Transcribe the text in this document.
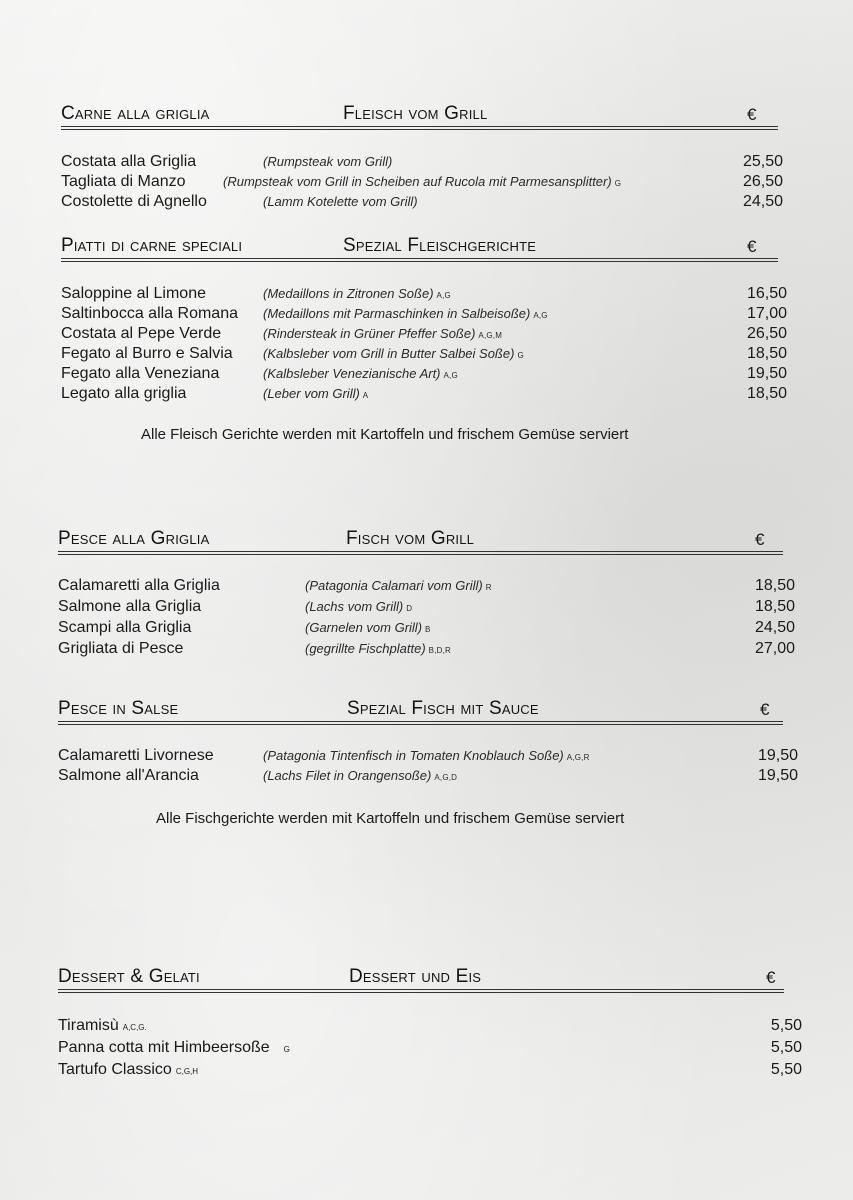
Carne alla griglia	Fleisch vom Grill	€
Costata alla Griglia	(Rumpsteak vom Grill)	25,50
Tagliata di Manzo	(Rumpsteak vom Grill in Scheiben auf Rucola mit Parmesansplitter) G	26,50
Costolette di Agnello	(Lamm Kotelette vom Grill)	24,50
Piatti di carne speciali	Spezial Fleischgerichte	€
Saloppine al Limone	(Medaillons in Zitronen Soße) A,G	16,50
Saltinbocca alla Romana (Medaillons mit Parmaschinken in Salbeisoße) A,G	17,00
Costata al Pepe Verde	(Rindersteak in Grüner Pfeffer Soße) A,G,M	26,50
Fegato al Burro e Salvia (Kalbsleber vom Grill in Butter Salbei Soße) G	18,50
Fegato alla Veneziana	(Kalbsleber Venezianische Art) A,G	19,50
Legato alla griglia	(Leber vom Grill) A	18,50
Alle Fleisch Gerichte werden mit Kartoffeln und frischem Gemüse serviert
Pesce alla Griglia	Fisch vom Grill	€
Calamaretti alla Griglia	(Patagonia Calamari vom Grill) R	18,50
Salmone alla Griglia	(Lachs vom Grill) D	18,50
Scampi alla Griglia	(Garnelen vom Grill) B	24,50
Grigliata di Pesce	(gegrillte Fischplatte) B,D,R	27,00
Pesce in Salse	Spezial Fisch mit Sauce	€
Calamaretti Livornese	(Patagonia Tintenfisch in Tomaten Knoblauch Soße) A,G,R	19,50
Salmone all'Arancia	(Lachs Filet in Orangensoße) A,G,D	19,50
Alle Fischgerichte werden mit Kartoffeln und frischem Gemüse serviert
Dessert & Gelati	Dessert und Eis	€
Tiramisù A,C,G.	5,50
Panna cotta mit Himbeersoße G	5,50
Tartufo Classico C,G,H	5,50
